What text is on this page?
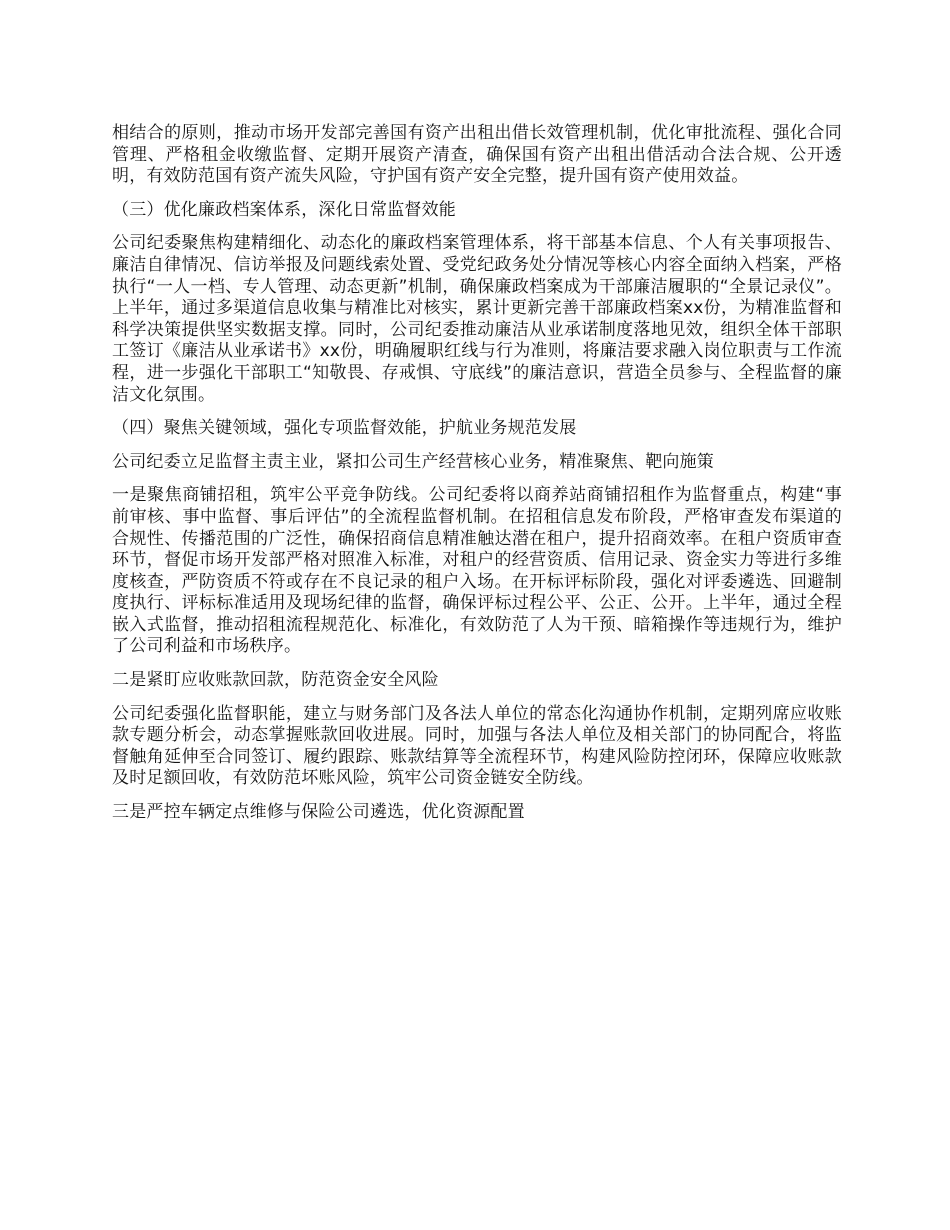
相结合的原则，推动市场开发部完善国有资产出租出借长效管理机制，优化审批流程、强化合同管理、严格租金收缴监督、定期开展资产清查，确保国有资产出租出借活动合法合规、公开透明，有效防范国有资产流失风险，守护国有资产安全完整，提升国有资产使用效益。

（三）优化廉政档案体系，深化日常监督效能

公司纪委聚焦构建精细化、动态化的廉政档案管理体系，将干部基本信息、个人有关事项报告、廉洁自律情况、信访举报及问题线索处置、受党纪政务处分情况等核心内容全面纳入档案，严格执行“一人一档、专人管理、动态更新”机制，确保廉政档案成为干部廉洁履职的“全景记录仪”。上半年，通过多渠道信息收集与精准比对核实，累计更新完善干部廉政档案xx份，为精准监督和科学决策提供坚实数据支撑。同时，公司纪委推动廉洁从业承诺制度落地见效，组织全体干部职工签订《廉洁从业承诺书》xx份，明确履职红线与行为准则，将廉洁要求融入岗位职责与工作流程，进一步强化干部职工“知敬畏、存戒惧、守底线”的廉洁意识，营造全员参与、全程监督的廉洁文化氛围。

（四）聚焦关键领域，强化专项监督效能，护航业务规范发展

公司纪委立足监督主责主业，紧扣公司生产经营核心业务，精准聚焦、靶向施策

一是聚焦商铺招租，筑牢公平竞争防线。公司纪委将以商养站商铺招租作为监督重点，构建“事前审核、事中监督、事后评估”的全流程监督机制。在招租信息发布阶段，严格审查发布渠道的合规性、传播范围的广泛性，确保招商信息精准触达潜在租户，提升招商效率。在租户资质审查环节，督促市场开发部严格对照准入标准，对租户的经营资质、信用记录、资金实力等进行多维度核查，严防资质不符或存在不良记录的租户入场。在开标评标阶段，强化对评委遴选、回避制度执行、评标标准适用及现场纪律的监督，确保评标过程公平、公正、公开。上半年，通过全程嵌入式监督，推动招租流程规范化、标准化，有效防范了人为干预、暗箱操作等违规行为，维护了公司利益和市场秩序。

二是紧盯应收账款回款，防范资金安全风险

公司纪委强化监督职能，建立与财务部门及各法人单位的常态化沟通协作机制，定期列席应收账款专题分析会，动态掌握账款回收进展。同时，加强与各法人单位及相关部门的协同配合，将监督触角延伸至合同签订、履约跟踪、账款结算等全流程环节，构建风险防控闭环，保障应收账款及时足额回收，有效防范坏账风险，筑牢公司资金链安全防线。

三是严控车辆定点维修与保险公司遴选，优化资源配置
